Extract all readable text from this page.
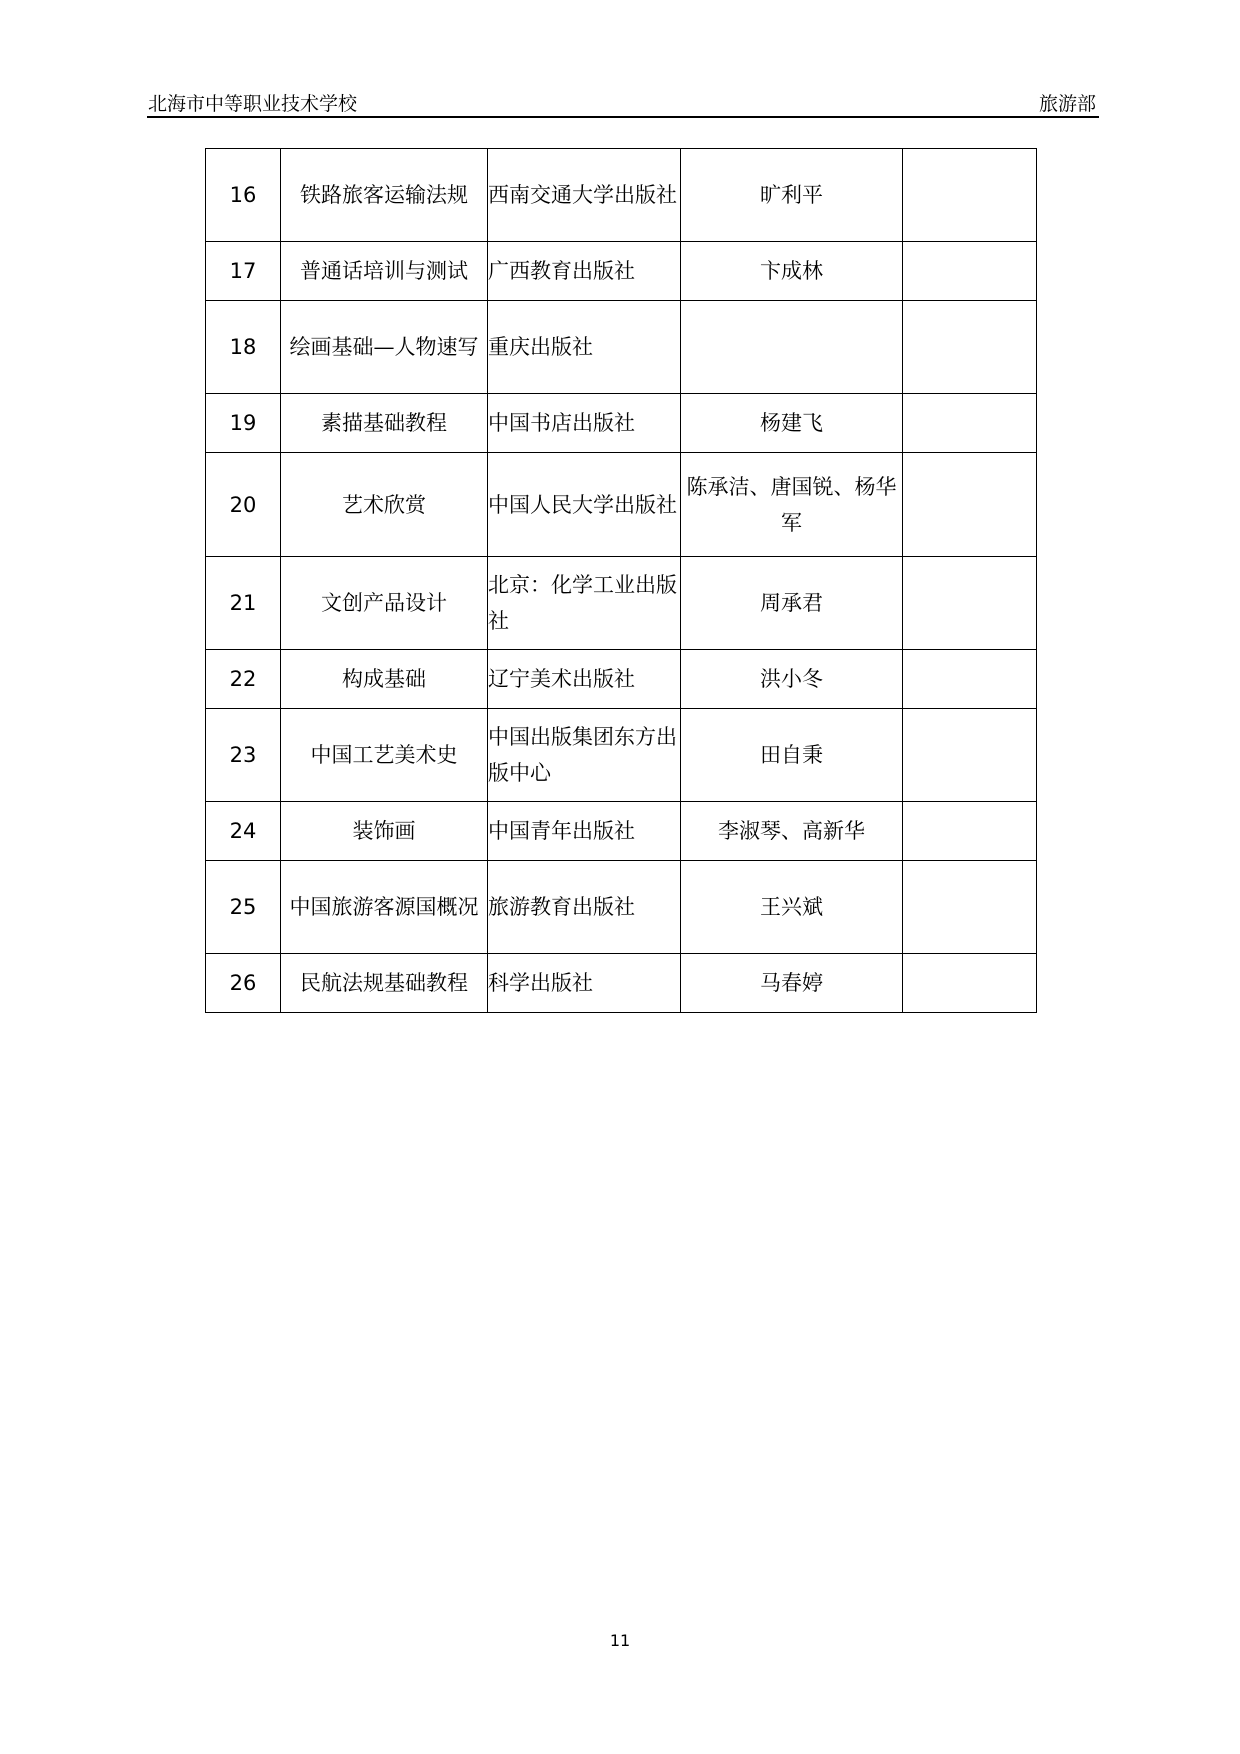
北海市中等职业技术学校	旅游部
16	铁路旅客运输法规	西南交通大学出版社	旷利平	
17	普通话培训与测试	广西教育出版社	卞成林	
18	绘画基础—人物速写	重庆出版社		
19	素描基础教程	中国书店出版社	杨建飞	
20	艺术欣赏	中国人民大学出版社	陈承洁、唐国锐、杨华军	
21	文创产品设计	北京：化学工业出版社	周承君	
22	构成基础	辽宁美术出版社	洪小冬	
23	中国工艺美术史	中国出版集团东方出版中心	田自秉	
24	装饰画	中国青年出版社	李淑琴、高新华	
25	中国旅游客源国概况	旅游教育出版社	王兴斌	
26	民航法规基础教程	科学出版社	马春婷	
11
